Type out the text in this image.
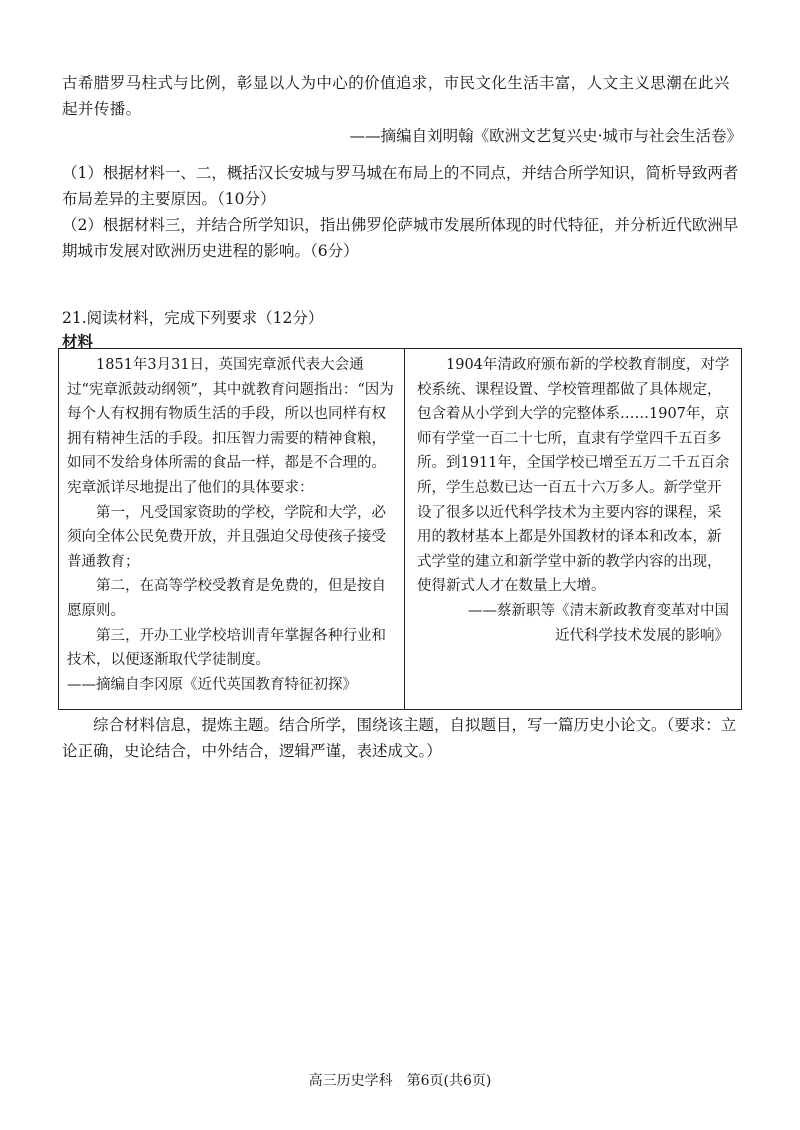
古希腊罗马柱式与比例，彰显以人为中心的价值追求，市民文化生活丰富，人文主义思潮在此兴起并传播。
——摘编自刘明翰《欧洲文艺复兴史·城市与社会生活卷》
（1）根据材料一、二，概括汉长安城与罗马城在布局上的不同点，并结合所学知识，简析导致两者布局差异的主要原因。（10分）
（2）根据材料三，并结合所学知识，指出佛罗伦萨城市发展所体现的时代特征，并分析近代欧洲早期城市发展对欧洲历史进程的影响。（6分）
21.阅读材料，完成下列要求（12分）
材料

1851年3月31日，英国宪章派代表大会通过“宪章派鼓动纲领”，其中就教育问题指出：“因为每个人有权拥有物质生活的手段，所以也同样有权拥有精神生活的手段。扣压智力需要的精神食粮，如同不发给身体所需的食品一样，都是不合理的。宪章派详尽地提出了他们的具体要求：

第一，凡受国家资助的学校，学院和大学，必须向全体公民免费开放，并且强迫父母使孩子接受普通教育；

第二，在高等学校受教育是免费的，但是按自愿原则。

第三，开办工业学校培训青年掌握各种行业和技术，以便逐渐取代学徒制度。

——摘编自李冈原《近代英国教育特征初探》

1904年清政府颁布新的学校教育制度，对学校系统、课程设置、学校管理都做了具体规定，包含着从小学到大学的完整体系……1907年，京师有学堂一百二十七所，直隶有学堂四千五百多所。到1911年，全国学校已增至五万二千五百余所，学生总数已达一百五十六万多人。新学堂开设了很多以近代科学技术为主要内容的课程，采用的教材基本上都是外国教材的译本和改本，新式学堂的建立和新学堂中新的教学内容的出现，使得新式人才在数量上大增。

——蔡新职等《清末新政教育变革对中国

近代科学技术发展的影响》

综合材料信息，提炼主题。结合所学，围绕该主题，自拟题目，写一篇历史小论文。（要求：立论正确，史论结合，中外结合，逻辑严谨，表述成文。）

高三历史学科　第6页(共6页)
